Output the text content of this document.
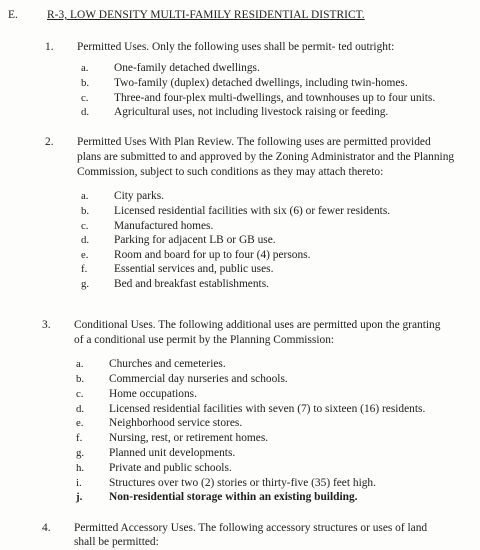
E.	R-3, LOW DENSITY MULTI-FAMILY RESIDENTIAL DISTRICT.
1. Permitted Uses. Only the following uses shall be permit- ted outright:
a. One-family detached dwellings.
b. Two-family (duplex) detached dwellings, including twin-homes.
c. Three-and four-plex multi-dwellings, and townhouses up to four units.
d. Agricultural uses, not including livestock raising or feeding.
2. Permitted Uses With Plan Review. The following uses are permitted provided
plans are submitted to and approved by the Zoning Administrator and the Planning
Commission, subject to such conditions as they may attach thereto:
a. City parks.
b. Licensed residential facilities with six (6) or fewer residents.
c. Manufactured homes.
d. Parking for adjacent LB or GB use.
e. Room and board for up to four (4) persons.
f. Essential services and, public uses.
g. Bed and breakfast establishments.
3. Conditional Uses. The following additional uses are permitted upon the granting
of a conditional use permit by the Planning Commission:
a. Churches and cemeteries.
b. Commercial day nurseries and schools.
c. Home occupations.
d. Licensed residential facilities with seven (7) to sixteen (16) residents.
e. Neighborhood service stores.
f. Nursing, rest, or retirement homes.
g. Planned unit developments.
h. Private and public schools.
i. Structures over two (2) stories or thirty-five (35) feet high.
j. Non-residential storage within an existing building.
4. Permitted Accessory Uses. The following accessory structures or uses of land
shall be permitted:
